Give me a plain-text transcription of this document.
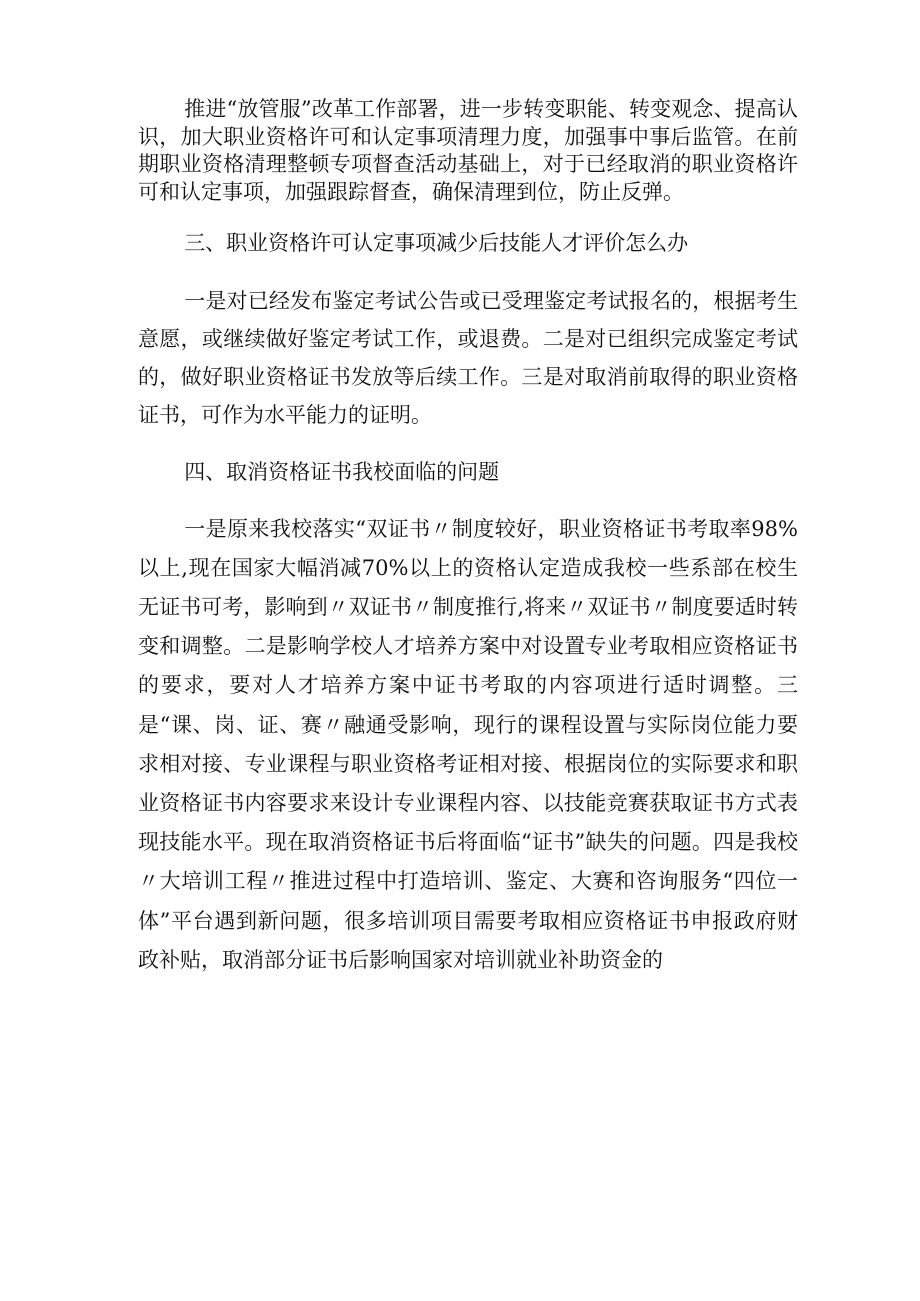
推进“放管服”改革工作部署，进一步转变职能、转变观念、提高认识，加大职业资格许可和认定事项清理力度，加强事中事后监管。在前期职业资格清理整顿专项督查活动基础上，对于已经取消的职业资格许可和认定事项，加强跟踪督查，确保清理到位，防止反弹。

三、职业资格许可认定事项减少后技能人才评价怎么办

一是对已经发布鉴定考试公告或已受理鉴定考试报名的，根据考生意愿，或继续做好鉴定考试工作，或退费。二是对已组织完成鉴定考试的，做好职业资格证书发放等后续工作。三是对取消前取得的职业资格证书，可作为水平能力的证明。

四、取消资格证书我校面临的问题

一是原来我校落实“双证书〃制度较好，职业资格证书考取率98%以上,现在国家大幅消减70%以上的资格认定造成我校一些系部在校生无证书可考，影响到〃双证书〃制度推行,将来〃双证书〃制度要适时转变和调整。二是影响学校人才培养方案中对设置专业考取相应资格证书的要求，要对人才培养方案中证书考取的内容项进行适时调整。三是“课、岗、证、赛〃融通受影响，现行的课程设置与实际岗位能力要求相对接、专业课程与职业资格考证相对接、根据岗位的实际要求和职业资格证书内容要求来设计专业课程内容、以技能竞赛获取证书方式表现技能水平。现在取消资格证书后将面临“证书”缺失的问题。四是我校〃大培训工程〃推进过程中打造培训、鉴定、大赛和咨询服务“四位一体”平台遇到新问题，很多培训项目需要考取相应资格证书申报政府财政补贴，取消部分证书后影响国家对培训就业补助资金的
